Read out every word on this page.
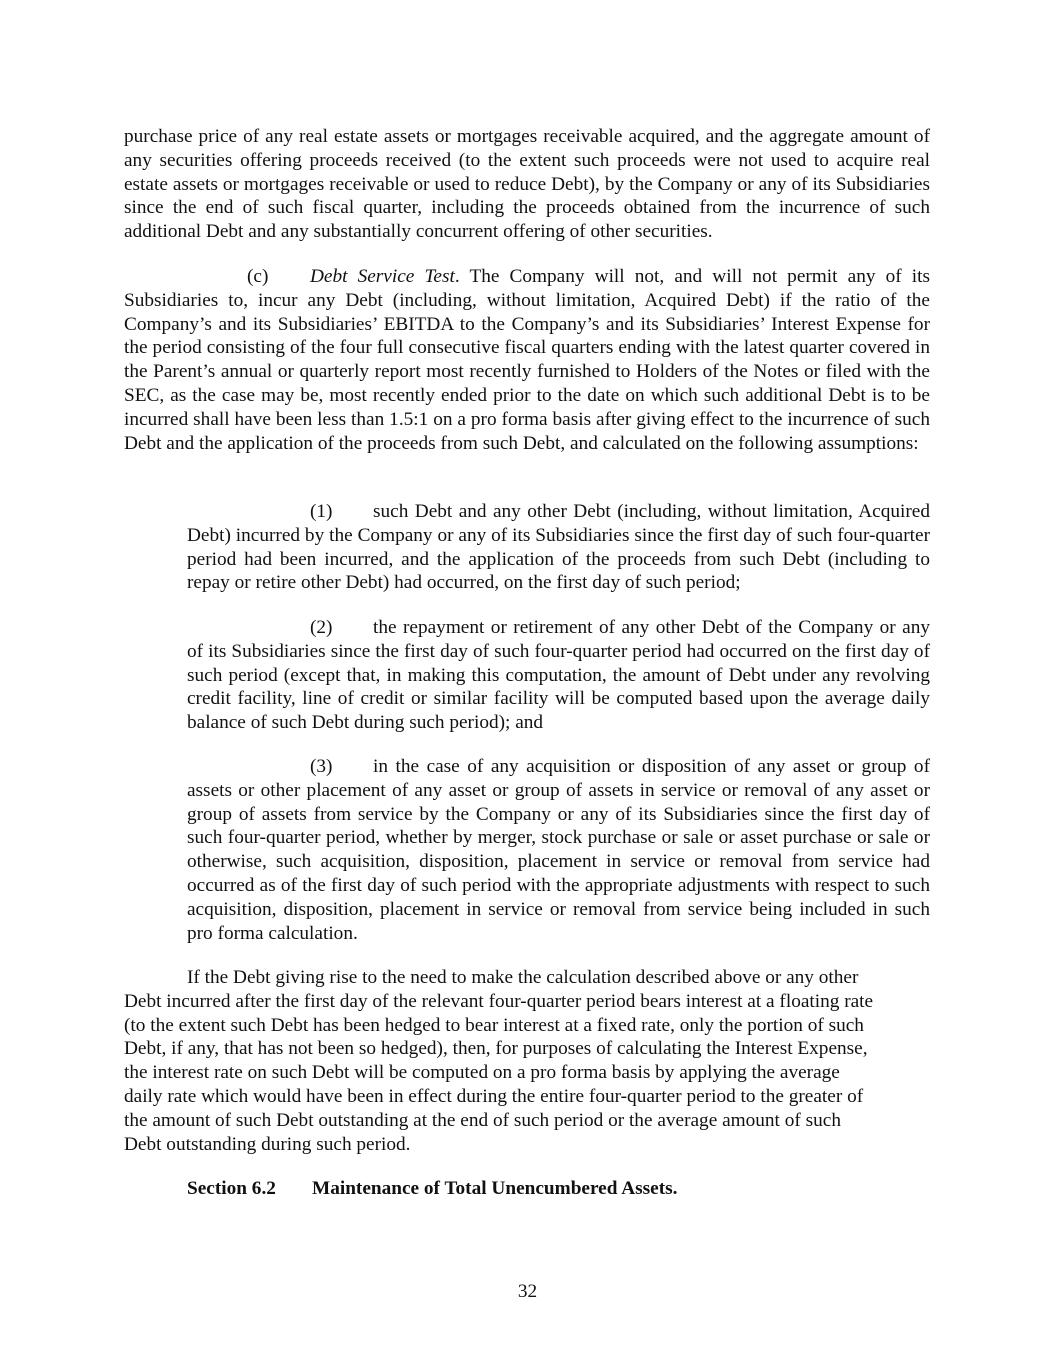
purchase price of any real estate assets or mortgages receivable acquired, and the aggregate amount of any securities offering proceeds received (to the extent such proceeds were not used to acquire real estate assets or mortgages receivable or used to reduce Debt), by the Company or any of its Subsidiaries since the end of such fiscal quarter, including the proceeds obtained from the incurrence of such additional Debt and any substantially concurrent offering of other securities.
(c) Debt Service Test. The Company will not, and will not permit any of its Subsidiaries to, incur any Debt (including, without limitation, Acquired Debt) if the ratio of the Company’s and its Subsidiaries’ EBITDA to the Company’s and its Subsidiaries’ Interest Expense for the period consisting of the four full consecutive fiscal quarters ending with the latest quarter covered in the Parent’s annual or quarterly report most recently furnished to Holders of the Notes or filed with the SEC, as the case may be, most recently ended prior to the date on which such additional Debt is to be incurred shall have been less than 1.5:1 on a pro forma basis after giving effect to the incurrence of such Debt and the application of the proceeds from such Debt, and calculated on the following assumptions:
(1) such Debt and any other Debt (including, without limitation, Acquired Debt) incurred by the Company or any of its Subsidiaries since the first day of such four-quarter period had been incurred, and the application of the proceeds from such Debt (including to repay or retire other Debt) had occurred, on the first day of such period;
(2) the repayment or retirement of any other Debt of the Company or any of its Subsidiaries since the first day of such four-quarter period had occurred on the first day of such period (except that, in making this computation, the amount of Debt under any revolving credit facility, line of credit or similar facility will be computed based upon the average daily balance of such Debt during such period); and
(3) in the case of any acquisition or disposition of any asset or group of assets or other placement of any asset or group of assets in service or removal of any asset or group of assets from service by the Company or any of its Subsidiaries since the first day of such four-quarter period, whether by merger, stock purchase or sale or asset purchase or sale or otherwise, such acquisition, disposition, placement in service or removal from service had occurred as of the first day of such period with the appropriate adjustments with respect to such acquisition, disposition, placement in service or removal from service being included in such pro forma calculation.
If the Debt giving rise to the need to make the calculation described above or any other
Debt incurred after the first day of the relevant four-quarter period bears interest at a floating rate
(to the extent such Debt has been hedged to bear interest at a fixed rate, only the portion of such
Debt, if any, that has not been so hedged), then, for purposes of calculating the Interest Expense,
the interest rate on such Debt will be computed on a pro forma basis by applying the average
daily rate which would have been in effect during the entire four-quarter period to the greater of
the amount of such Debt outstanding at the end of such period or the average amount of such
Debt outstanding during such period.
Section 6.2 Maintenance of Total Unencumbered Assets.
32
